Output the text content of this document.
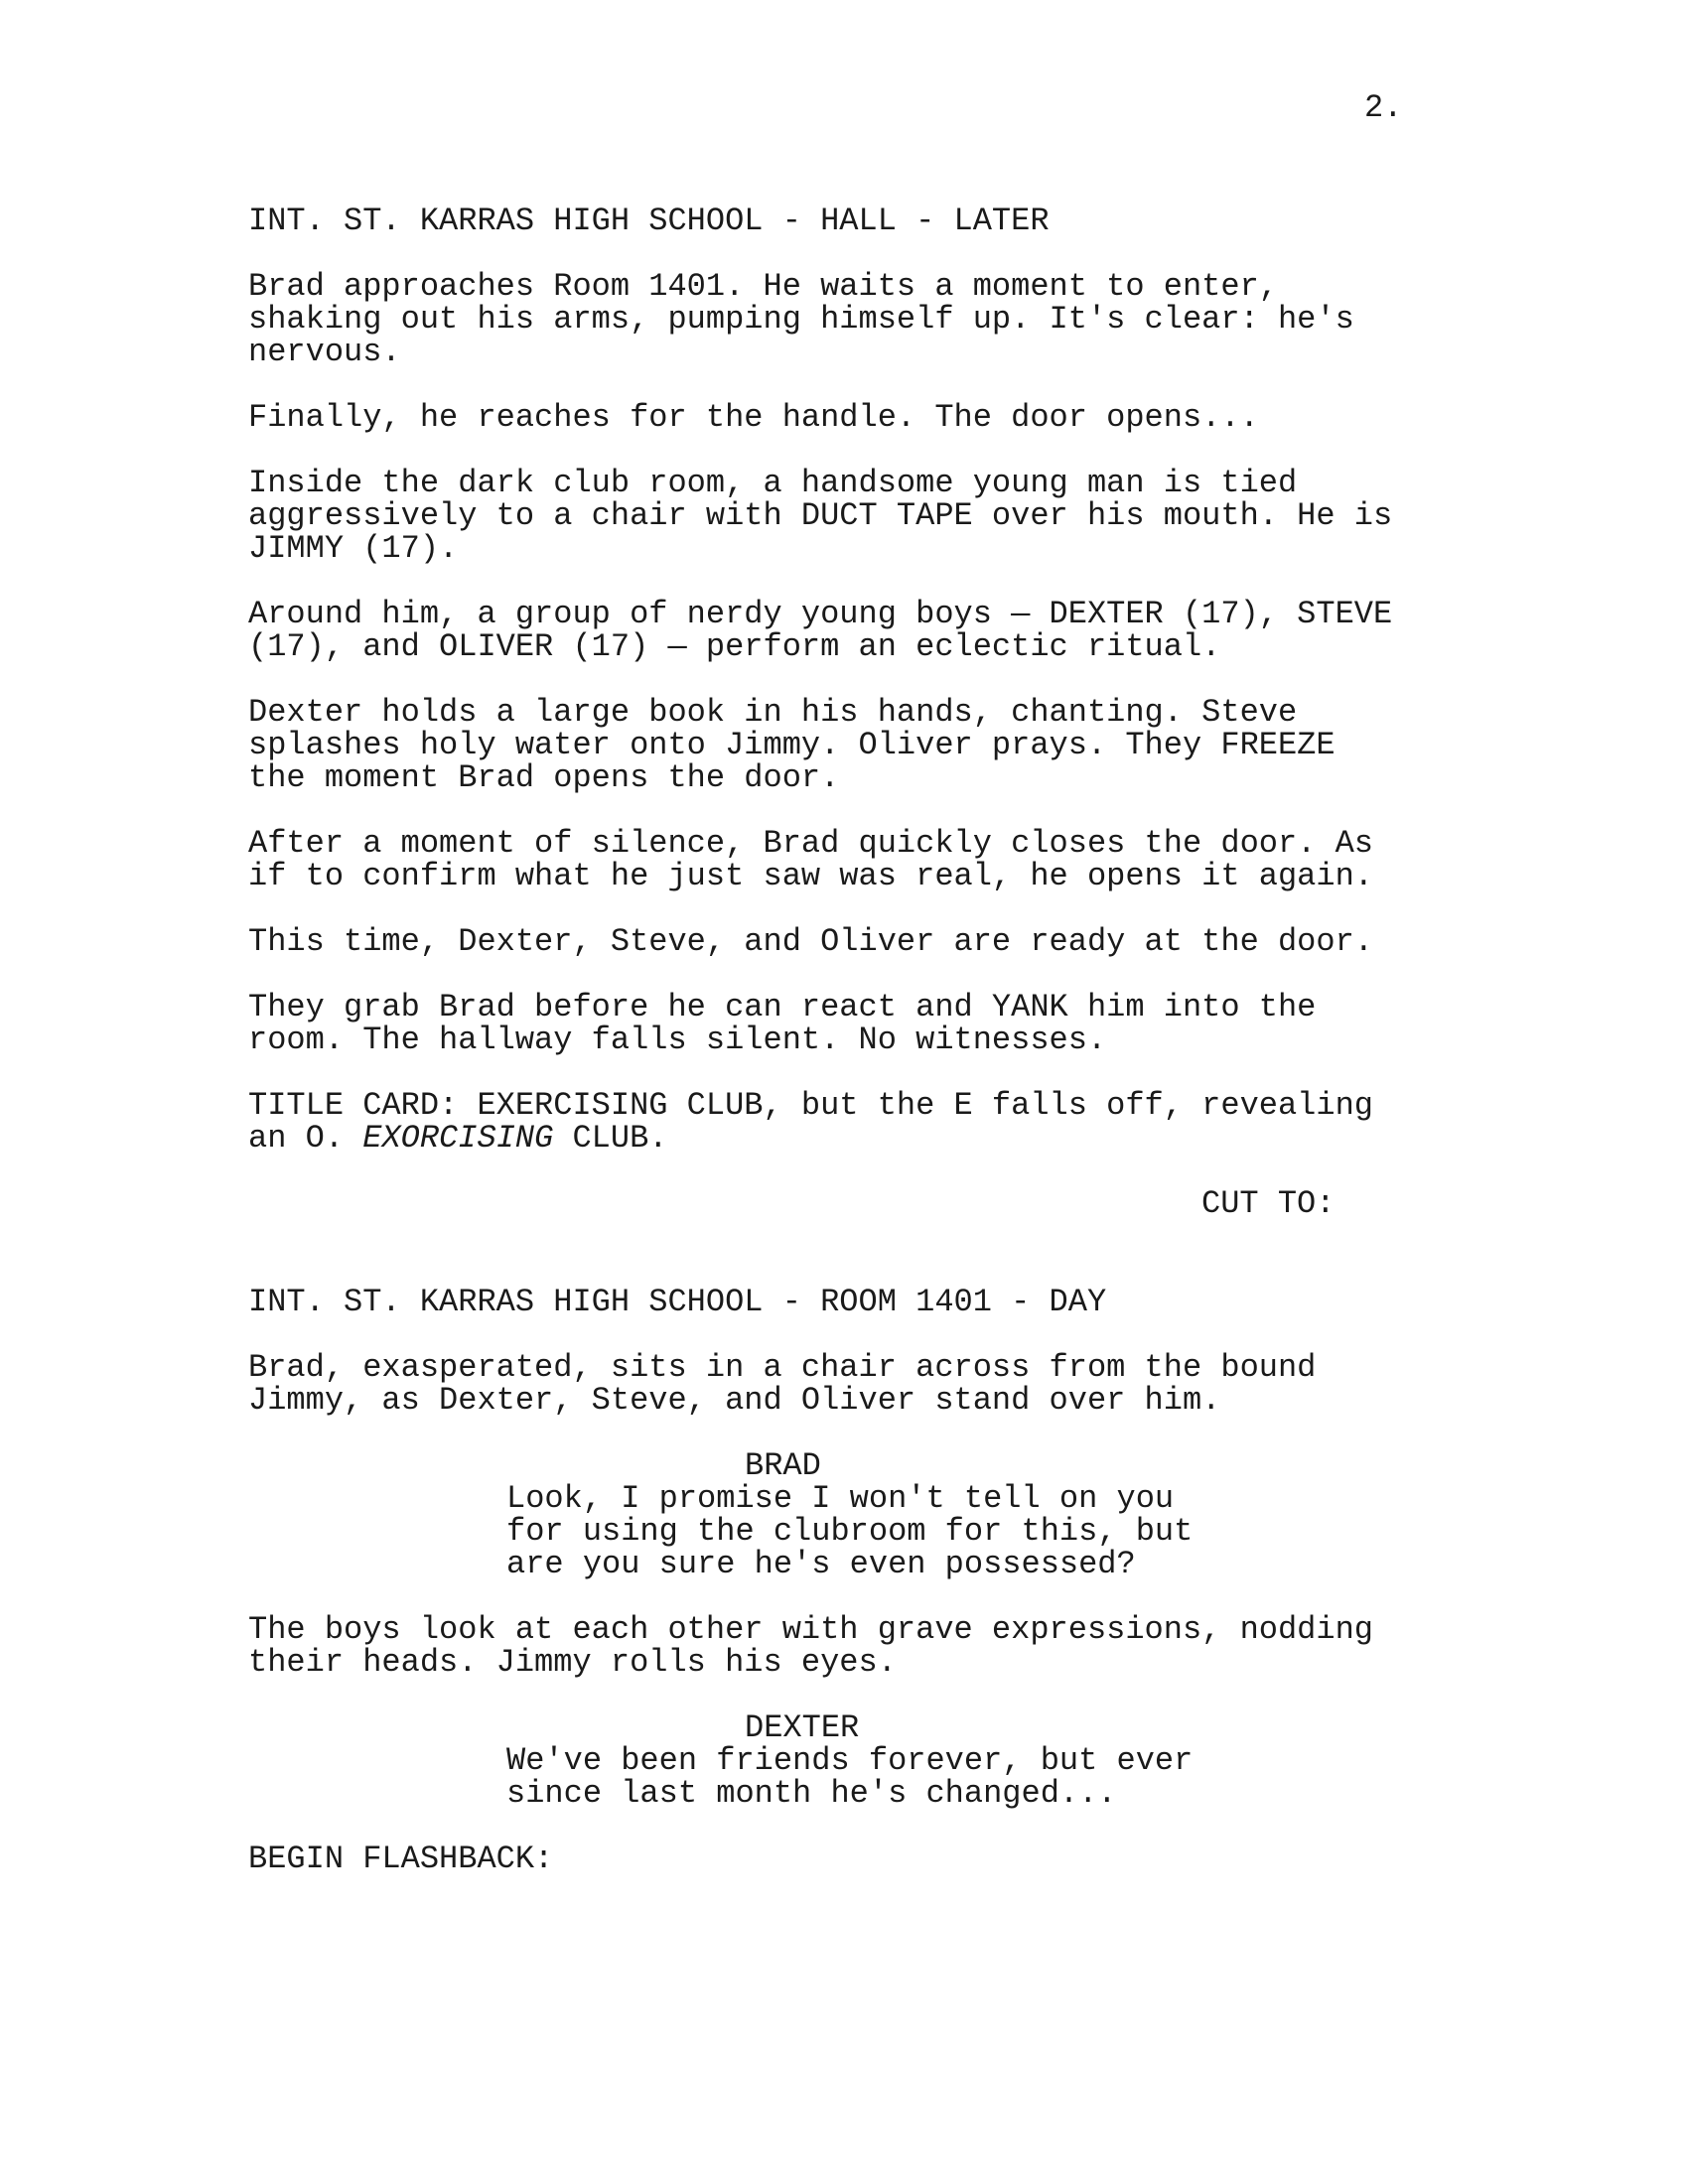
2.
INT. ST. KARRAS HIGH SCHOOL - HALL - LATER
Brad approaches Room 1401. He waits a moment to enter,
shaking out his arms, pumping himself up. It's clear: he's
nervous.
Finally, he reaches for the handle. The door opens...
Inside the dark club room, a handsome young man is tied
aggressively to a chair with DUCT TAPE over his mouth. He is
JIMMY (17).
Around him, a group of nerdy young boys — DEXTER (17), STEVE
(17), and OLIVER (17) — perform an eclectic ritual.
Dexter holds a large book in his hands, chanting. Steve
splashes holy water onto Jimmy. Oliver prays. They FREEZE
the moment Brad opens the door.
After a moment of silence, Brad quickly closes the door. As
if to confirm what he just saw was real, he opens it again.
This time, Dexter, Steve, and Oliver are ready at the door.
They grab Brad before he can react and YANK him into the
room. The hallway falls silent. No witnesses.
TITLE CARD: EXERCISING CLUB, but the E falls off, revealing
an O. EXORCISING CLUB.
CUT TO:
INT. ST. KARRAS HIGH SCHOOL - ROOM 1401 - DAY
Brad, exasperated, sits in a chair across from the bound
Jimmy, as Dexter, Steve, and Oliver stand over him.
BRAD
Look, I promise I won't tell on you
for using the clubroom for this, but
are you sure he's even possessed?
The boys look at each other with grave expressions, nodding
their heads. Jimmy rolls his eyes.
DEXTER
We've been friends forever, but ever
since last month he's changed...
BEGIN FLASHBACK:
